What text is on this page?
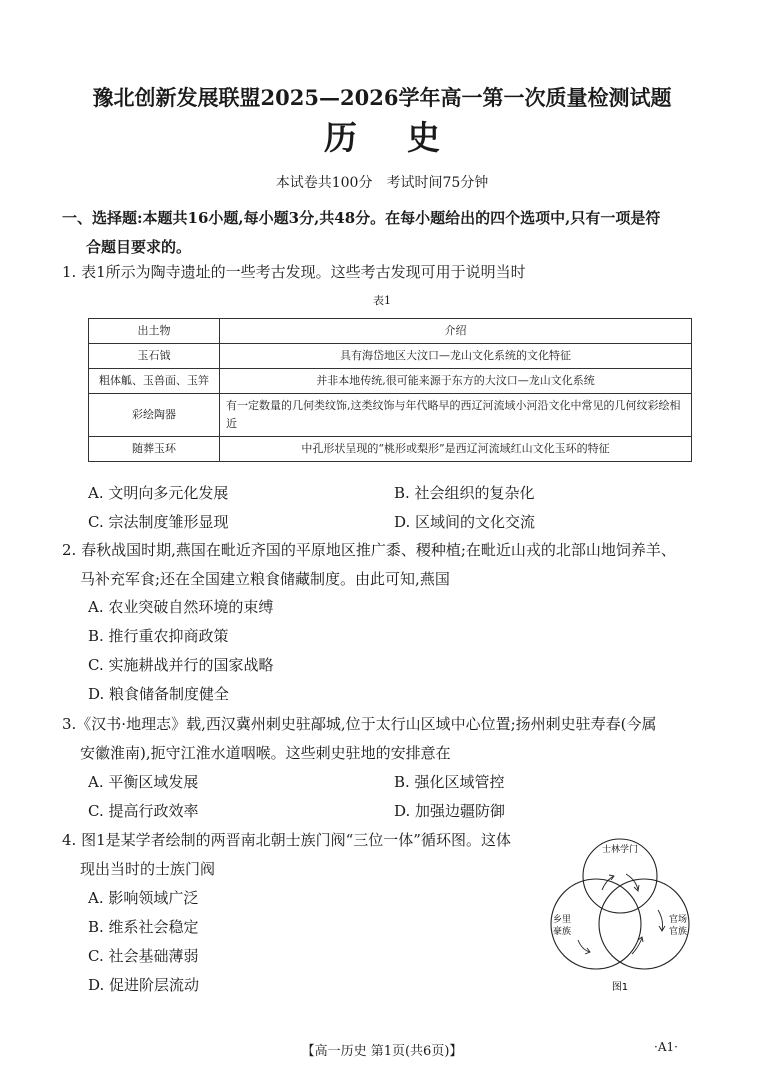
豫北创新发展联盟2025—2026学年高一第一次质量检测试题
历史
本试卷共100分 考试时间75分钟
一、选择题:本题共16小题,每小题3分,共48分。在每小题给出的四个选项中,只有一项是符
合题目要求的。
1. 表1所示为陶寺遗址的一些考古发现。这些考古发现可用于说明当时
表1
出土物	介绍
玉石钺	具有海岱地区大汶口—龙山文化系统的文化特征
粗体觚、玉兽面、玉笄	并非本地传统,很可能来源于东方的大汶口—龙山文化系统
彩绘陶器	有一定数量的几何类纹饰,这类纹饰与年代略早的西辽河流域小河沿文化中常见的几何纹彩绘相近
随葬玉环	中孔形状呈现的“桃形或梨形”是西辽河流域红山文化玉环的特征
A. 文明向多元化发展	B. 社会组织的复杂化
C. 宗法制度雏形显现	D. 区域间的文化交流
2. 春秋战国时期,燕国在毗近齐国的平原地区推广黍、稷种植;在毗近山戎的北部山地饲养羊、
马补充军食;还在全国建立粮食储藏制度。由此可知,燕国
A. 农业突破自然环境的束缚
B. 推行重农抑商政策
C. 实施耕战并行的国家战略
D. 粮食储备制度健全
3.《汉书·地理志》载,西汉冀州刺史驻鄗城,位于太行山区域中心位置;扬州刺史驻寿春(今属
安徽淮南),扼守江淮水道咽喉。这些刺史驻地的安排意在
A. 平衡区域发展	B. 强化区域管控
C. 提高行政效率	D. 加强边疆防御
4. 图1是某学者绘制的两晋南北朝士族门阀“三位一体”循环图。这体
现出当时的士族门阀
A. 影响领域广泛
B. 维系社会稳定
C. 社会基础薄弱
D. 促进阶层流动
士林学门
乡里
豪族
官场
官族
图1
【高一历史 第1页(共6页)】	·A1·
